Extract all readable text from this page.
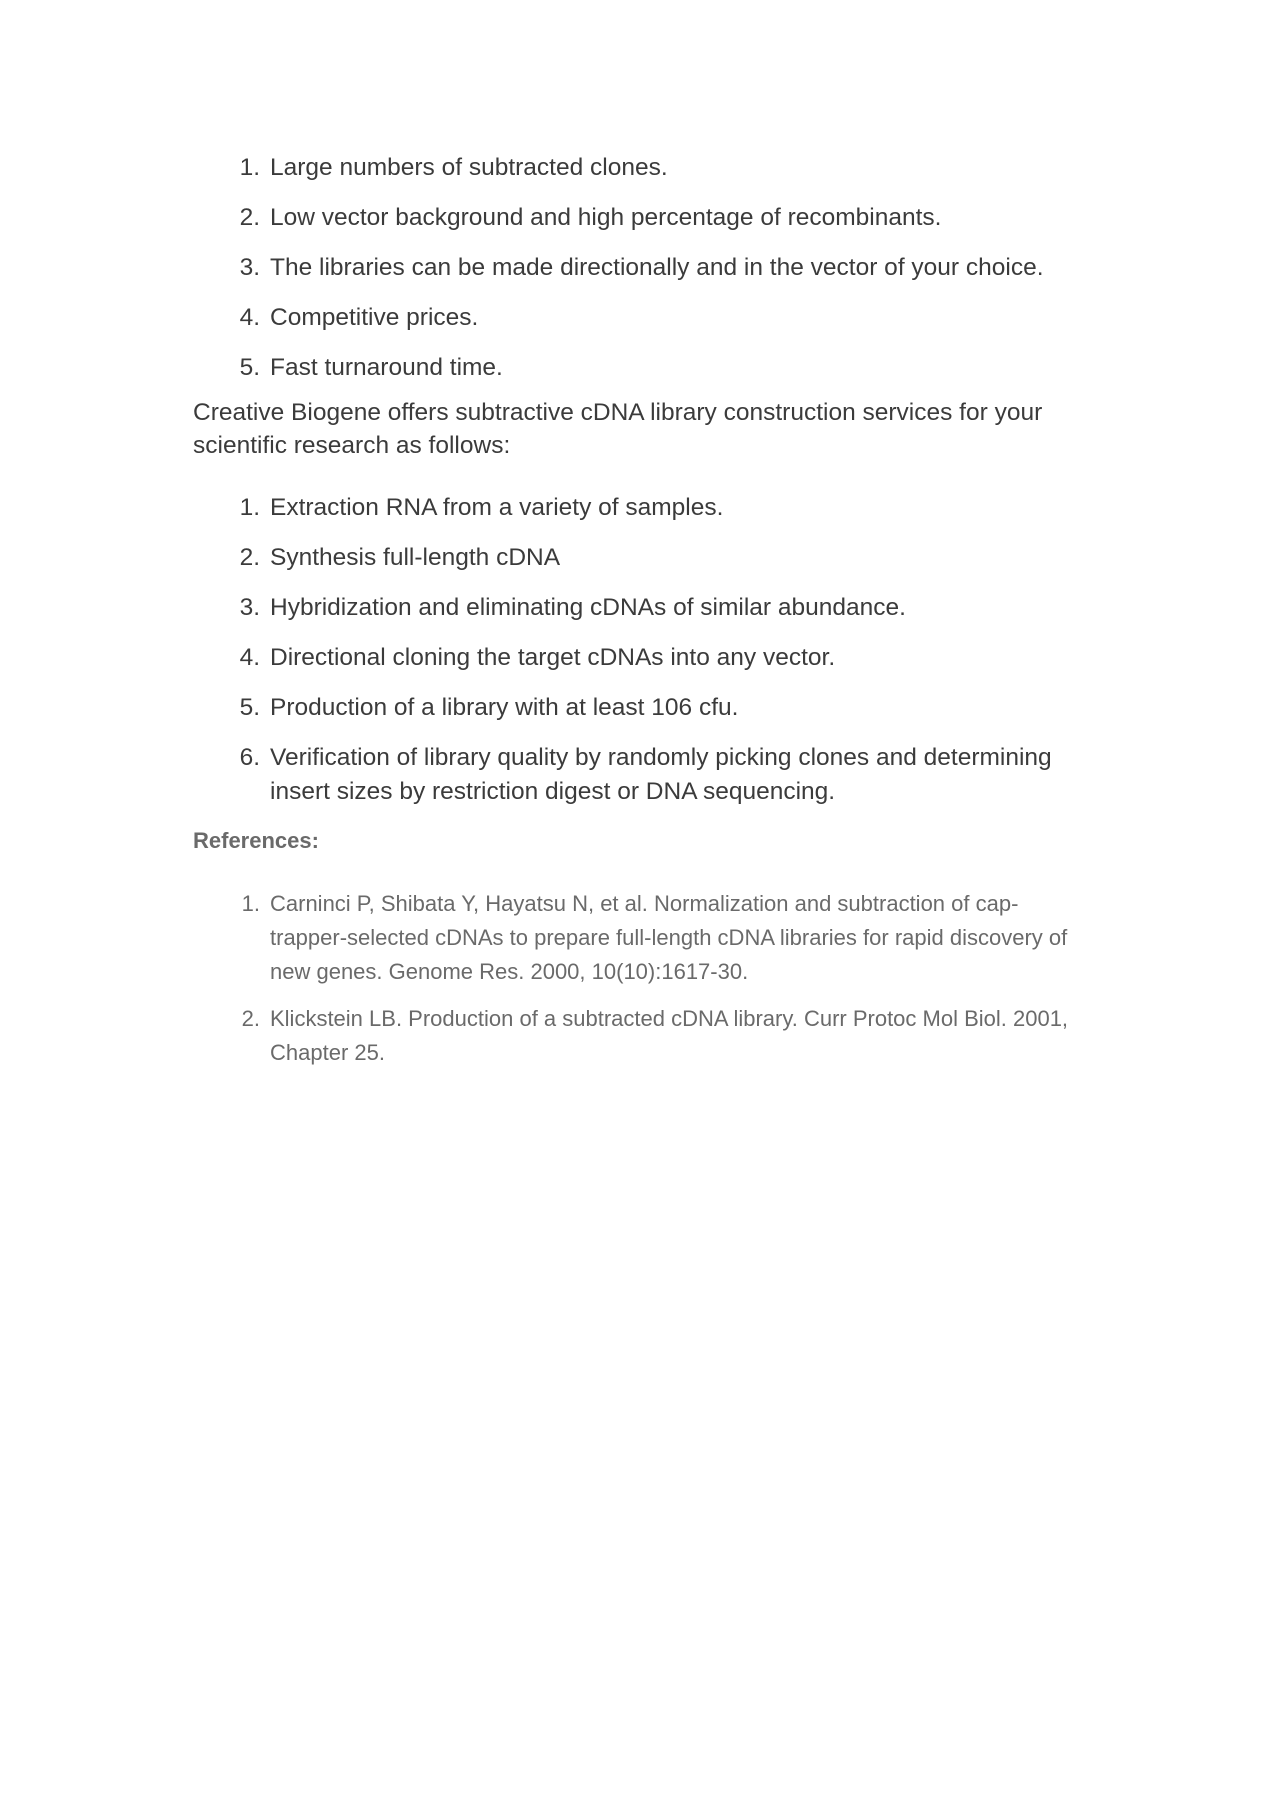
1. Large numbers of subtracted clones.
2. Low vector background and high percentage of recombinants.
3. The libraries can be made directionally and in the vector of your choice.
4. Competitive prices.
5. Fast turnaround time.

Creative Biogene offers subtractive cDNA library construction services for your scientific research as follows:

1. Extraction RNA from a variety of samples.
2. Synthesis full-length cDNA
3. Hybridization and eliminating cDNAs of similar abundance.
4. Directional cloning the target cDNAs into any vector.
5. Production of a library with at least 106 cfu.
6. Verification of library quality by randomly picking clones and determining insert sizes by restriction digest or DNA sequencing.
References:
1. Carninci P, Shibata Y, Hayatsu N, et al. Normalization and subtraction of cap-trapper-selected cDNAs to prepare full-length cDNA libraries for rapid discovery of new genes. Genome Res. 2000, 10(10):1617-30.
2. Klickstein LB. Production of a subtracted cDNA library. Curr Protoc Mol Biol. 2001, Chapter 25.
